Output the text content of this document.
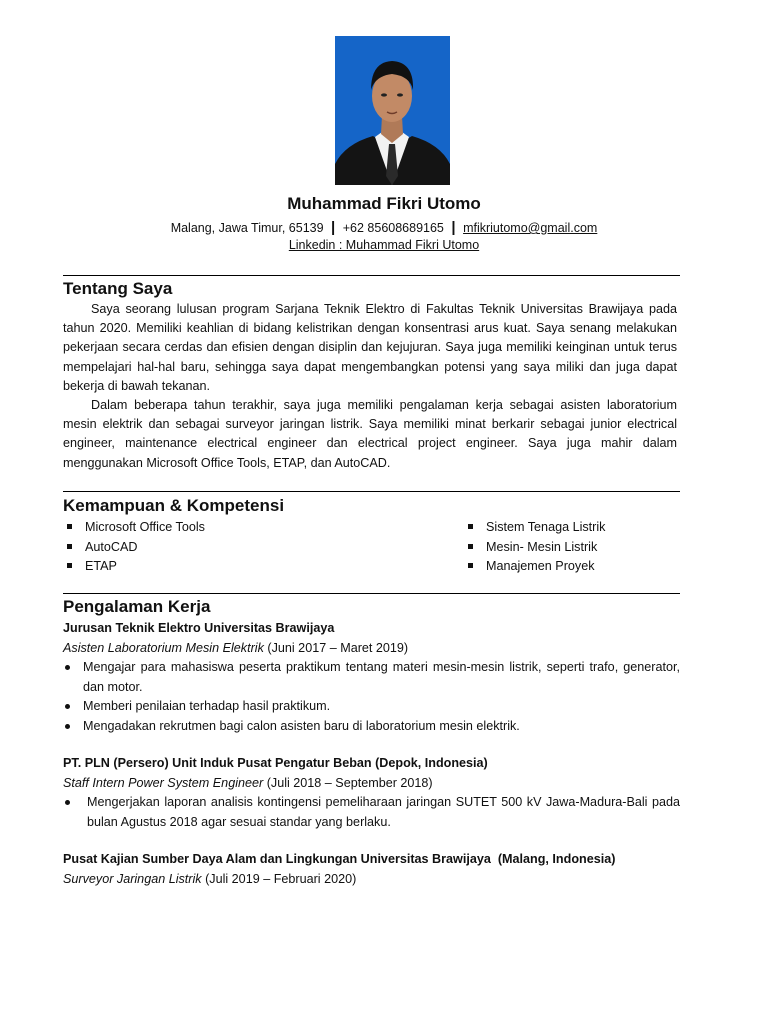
Muhammad Fikri Utomo
Malang, Jawa Timur, 65139 | +62 85608689165 | mfikriutomo@gmail.com
Linkedin : Muhammad Fikri Utomo
Tentang Saya

Saya seorang lulusan program Sarjana Teknik Elektro di Fakultas Teknik Universitas Brawijaya pada tahun 2020. Memiliki keahlian di bidang kelistrikan dengan konsentrasi arus kuat. Saya senang melakukan pekerjaan secara cerdas dan efisien dengan disiplin dan kejujuran. Saya juga memiliki keinginan untuk terus mempelajari hal-hal baru, sehingga saya dapat mengembangkan potensi yang saya miliki dan juga dapat bekerja di bawah tekanan.

Dalam beberapa tahun terakhir, saya juga memiliki pengalaman kerja sebagai asisten laboratorium mesin elektrik dan sebagai surveyor jaringan listrik. Saya memiliki minat berkarir sebagai junior electrical engineer, maintenance electrical engineer dan electrical project engineer. Saya juga mahir dalam menggunakan Microsoft Office Tools, ETAP, dan AutoCAD.

Kemampuan & Kompetensi
Microsoft Office Tools
AutoCAD
ETAP
Sistem Tenaga Listrik
Mesin- Mesin Listrik
Manajemen Proyek
Pengalaman Kerja
Jurusan Teknik Elektro Universitas Brawijaya
Asisten Laboratorium Mesin Elektrik (Juni 2017 – Maret 2019)
Mengajar para mahasiswa peserta praktikum tentang materi mesin-mesin listrik, seperti trafo, generator, dan motor.
Memberi penilaian terhadap hasil praktikum.
Mengadakan rekrutmen bagi calon asisten baru di laboratorium mesin elektrik.
PT. PLN (Persero) Unit Induk Pusat Pengatur Beban (Depok, Indonesia)
Staff Intern Power System Engineer (Juli 2018 – September 2018)
Mengerjakan laporan analisis kontingensi pemeliharaan jaringan SUTET 500 kV Jawa-Madura-Bali pada bulan Agustus 2018 agar sesuai standar yang berlaku.
Pusat Kajian Sumber Daya Alam dan Lingkungan Universitas Brawijaya  (Malang, Indonesia)
Surveyor Jaringan Listrik (Juli 2019 – Februari 2020)
